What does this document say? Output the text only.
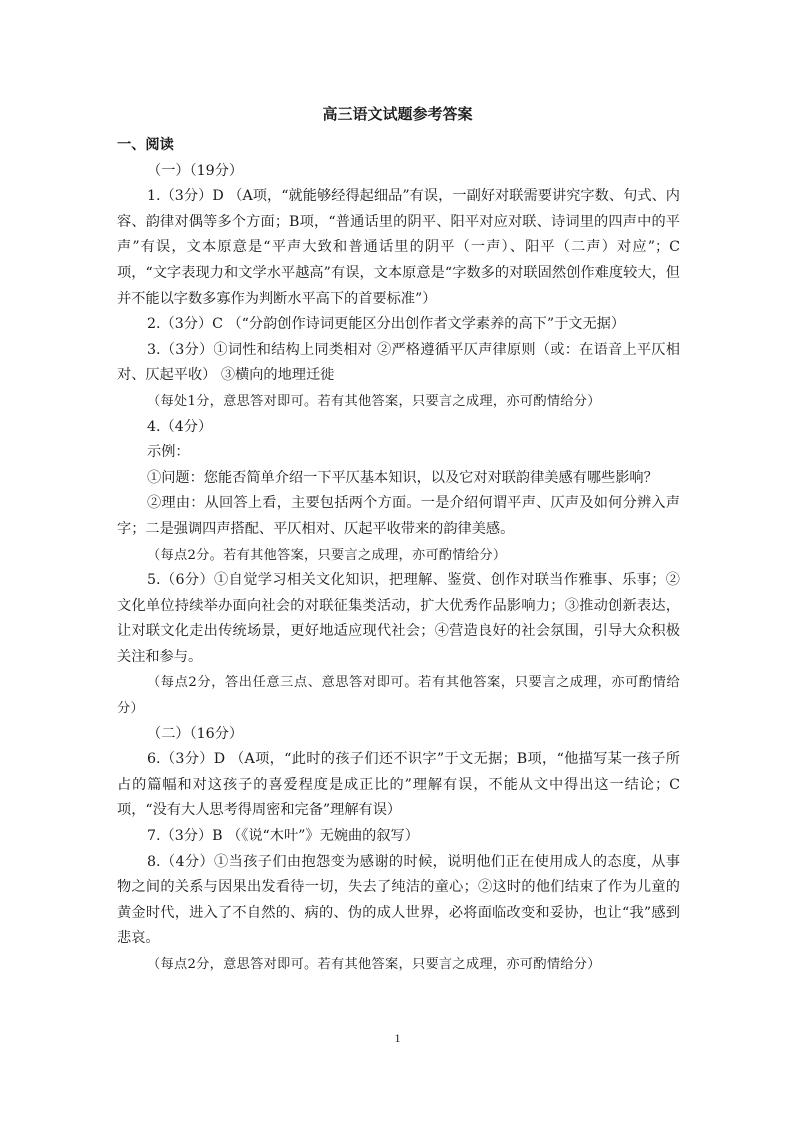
高三语文试题参考答案

一、阅读

（一）（19分）

1.（3分）D （A项，“就能够经得起细品”有误，一副好对联需要讲究字数、句式、内容、韵律对偶等多个方面；B项，“普通话里的阴平、阳平对应对联、诗词里的四声中的平声”有误，文本原意是“平声大致和普通话里的阴平（一声）、阳平（二声）对应”；C项，“文字表现力和文学水平越高”有误，文本原意是“字数多的对联固然创作难度较大，但并不能以字数多寡作为判断水平高下的首要标准”）

2.（3分）C （“分韵创作诗词更能区分出创作者文学素养的高下”于文无据）

3.（3分）①词性和结构上同类相对 ②严格遵循平仄声律原则（或：在语音上平仄相对、仄起平收） ③横向的地理迁徙

（每处1分，意思答对即可。若有其他答案，只要言之成理，亦可酌情给分）

4.（4分）

示例：

①问题：您能否简单介绍一下平仄基本知识，以及它对对联韵律美感有哪些影响？

②理由：从回答上看，主要包括两个方面。一是介绍何谓平声、仄声及如何分辨入声字；二是强调四声搭配、平仄相对、仄起平收带来的韵律美感。

（每点2分。若有其他答案，只要言之成理，亦可酌情给分）

5.（6分）①自觉学习相关文化知识，把理解、鉴赏、创作对联当作雅事、乐事；②文化单位持续举办面向社会的对联征集类活动，扩大优秀作品影响力；③推动创新表达，让对联文化走出传统场景，更好地适应现代社会；④营造良好的社会氛围，引导大众积极关注和参与。

（每点2分，答出任意三点、意思答对即可。若有其他答案，只要言之成理，亦可酌情给分）

（二）（16分）

6.（3分）D （A项，“此时的孩子们还不识字”于文无据；B项，“他描写某一孩子所占的篇幅和对这孩子的喜爱程度是成正比的”理解有误，不能从文中得出这一结论；C项，“没有大人思考得周密和完备”理解有误）

7.（3分）B （《说“木叶”》无婉曲的叙写）

8.（4分）①当孩子们由抱怨变为感谢的时候，说明他们正在使用成人的态度，从事物之间的关系与因果出发看待一切，失去了纯洁的童心；②这时的他们结束了作为儿童的黄金时代，进入了不自然的、病的、伪的成人世界，必将面临改变和妥协，也让“我”感到悲哀。

（每点2分，意思答对即可。若有其他答案，只要言之成理，亦可酌情给分）

1
